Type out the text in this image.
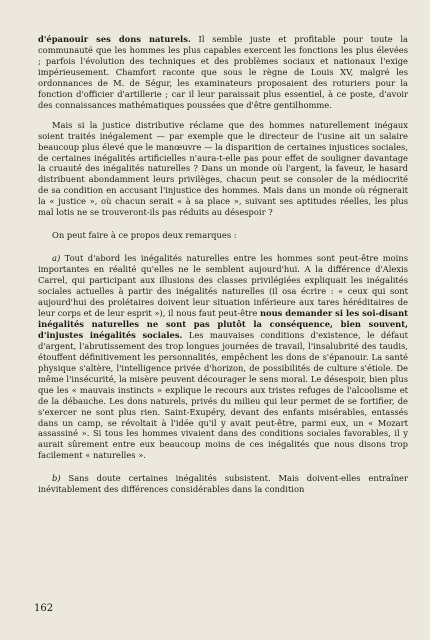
d'épanouir ses dons naturels. Il semble juste et profitable pour toute la communauté que les hommes les plus capables exercent les fonctions les plus élevées ; parfois l'évolution des techniques et des problèmes sociaux et nationaux l'exige impérieusement. Chamfort raconte que sous le règne de Louis XV, malgré les ordonnances de M. de Ségur, les examinateurs proposaient des roturiers pour la fonction d'officier d'artillerie ; car il leur paraissait plus essentiel, à ce poste, d'avoir des connaissances mathématiques poussées que d'être gentilhomme.

Mais si la justice distributive réclame que des hommes naturellement inégaux soient traités inégalement — par exemple que le directeur de l'usine ait un salaire beaucoup plus élevé que le manœuvre — la disparition de certaines injustices sociales, de certaines inégalités artificielles n'aura-t-elle pas pour effet de souligner davantage la cruauté des inégalités naturelles ? Dans un monde où l'argent, la faveur, le hasard distribuent abondamment leurs privilèges, chacun peut se consoler de la médiocrité de sa condition en accusant l'injustice des hommes. Mais dans un monde où régnerait la « justice », où chacun serait « à sa place », suivant ses aptitudes réelles, les plus mal lotis ne se trouveront-ils pas réduits au désespoir ?

On peut faire à ce propos deux remarques :

a) Tout d'abord les inégalités naturelles entre les hommes sont peut-être moins importantes en réalité qu'elles ne le semblent aujourd'hui. A la différence d'Alexis Carrel, qui participant aux illusions des classes privilégiées expliquait les inégalités sociales actuelles à partir des inégalités naturelles (il osa écrire : « ceux qui sont aujourd'hui des prolétaires doivent leur situation inférieure aux tares héréditaires de leur corps et de leur esprit »), il nous faut peut-être nous demander si les soi-disant inégalités naturelles ne sont pas plutôt la conséquence, bien souvent, d'injustes inégalités sociales. Les mauvaises conditions d'existence, le défaut d'argent, l'abrutissement des trop longues journées de travail, l'insalubrité des taudis, étouffent définitivement les personnalités, empêchent les dons de s'épanouir. La santé physique s'altère, l'intelligence privée d'horizon, de possibilités de culture s'étiole. De même l'insécurité, la misère peuvent décourager le sens moral. Le désespoir, bien plus que les « mauvais instincts » explique le recours aux tristes refuges de l'alcoolisme et de la débauche. Les dons naturels, privés du milieu qui leur permet de se fortifier, de s'exercer ne sont plus rien. Saint-Exupéry, devant des enfants misérables, entassés dans un camp, se révoltait à l'idée qu'il y avait peut-être, parmi eux, un « Mozart assassiné ». Si tous les hommes vivaient dans des conditions sociales favorables, il y aurait sûrement entre eux beaucoup moins de ces inégalités que nous disons trop facilement « naturelles ».

b) Sans doute certaines inégalités subsistent. Mais doivent-elles entraîner inévitablement des différences considérables dans la condition

162
